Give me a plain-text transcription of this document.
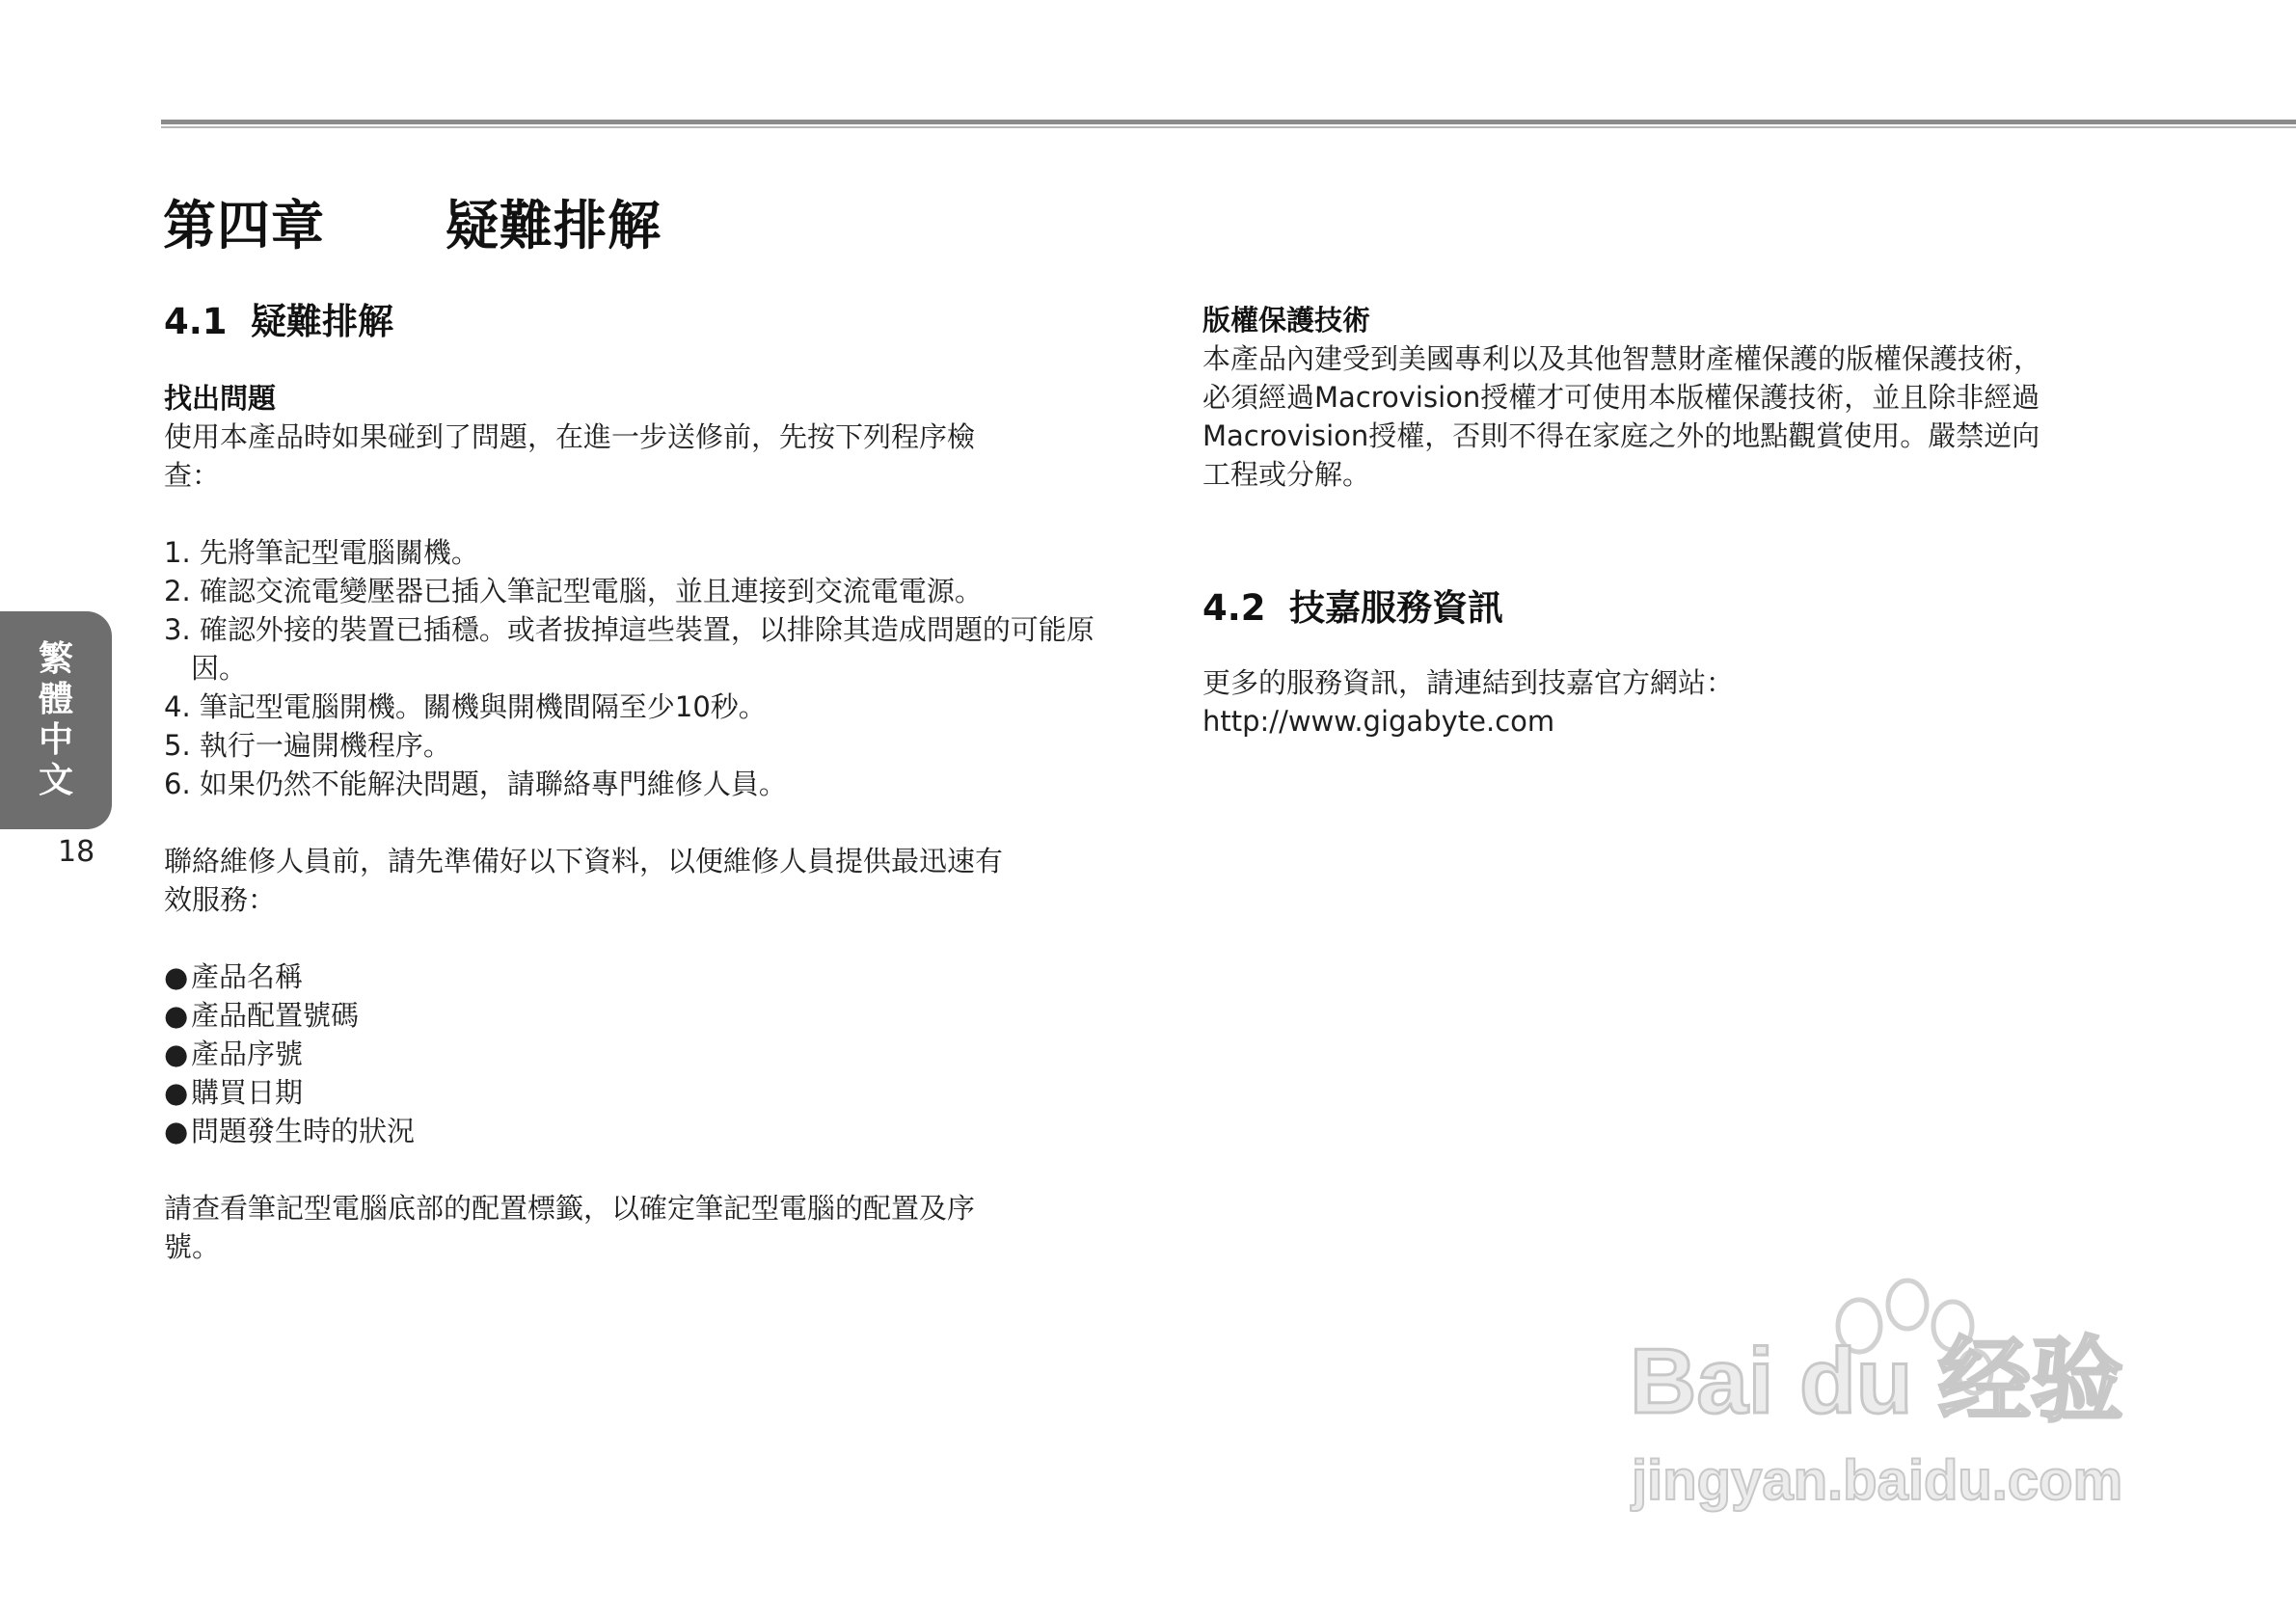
第四章 疑難排解
4.1 疑難排解
找出問題
使用本產品時如果碰到了問題，在進一步送修前，先按下列程序檢
查：
1. 先將筆記型電腦關機。
2. 確認交流電變壓器已插入筆記型電腦，並且連接到交流電電源。
3. 確認外接的裝置已插穩。或者拔掉這些裝置，以排除其造成問題的可能原因。
4. 筆記型電腦開機。關機與開機間隔至少10秒。
5. 執行一遍開機程序。
6. 如果仍然不能解決問題，請聯絡專門維修人員。
聯絡維修人員前，請先準備好以下資料，以便維修人員提供最迅速有
效服務：
●產品名稱
●產品配置號碼
●產品序號
●購買日期
●問題發生時的狀況
請查看筆記型電腦底部的配置標籤，以確定筆記型電腦的配置及序
號。
版權保護技術
本產品內建受到美國專利以及其他智慧財產權保護的版權保護技術，
必須經過Macrovision授權才可使用本版權保護技術，並且除非經過
Macrovision授權，否則不得在家庭之外的地點觀賞使用。嚴禁逆向
工程或分解。
4.2 技嘉服務資訊
更多的服務資訊，請連結到技嘉官方網站：
http://www.gigabyte.com
繁
體
中
文
18
Bai du 经验
jingyan.baidu.com
